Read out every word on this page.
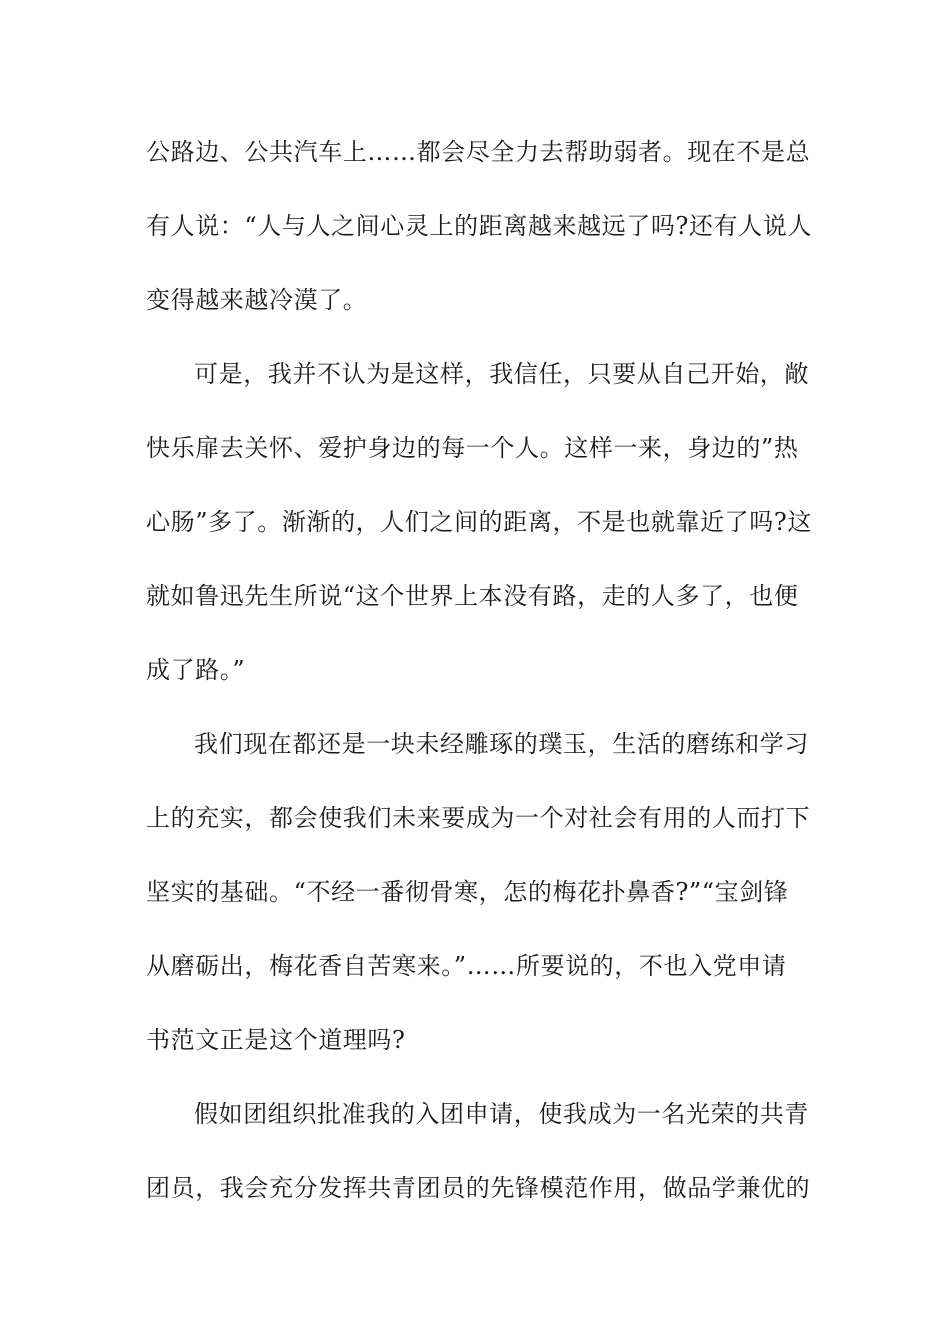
公路边、公共汽车上……都会尽全力去帮助弱者。现在不是总
有人说：“人与人之间心灵上的距离越来越远了吗?还有人说人
变得越来越冷漠了。
可是，我并不认为是这样，我信任，只要从自己开始，敞
快乐扉去关怀、爱护身边的每一个人。这样一来，身边的”热
心肠”多了。渐渐的，人们之间的距离，不是也就靠近了吗?这
就如鲁迅先生所说“这个世界上本没有路，走的人多了，也便
成了路。”
我们现在都还是一块未经雕琢的璞玉，生活的磨练和学习
上的充实，都会使我们未来要成为一个对社会有用的人而打下
坚实的基础。“不经一番彻骨寒，怎的梅花扑鼻香?”“宝剑锋
从磨砺出，梅花香自苦寒来。”……所要说的，不也入党申请
书范文正是这个道理吗?
假如团组织批准我的入团申请，使我成为一名光荣的共青
团员，我会充分发挥共青团员的先锋模范作用，做品学兼优的
